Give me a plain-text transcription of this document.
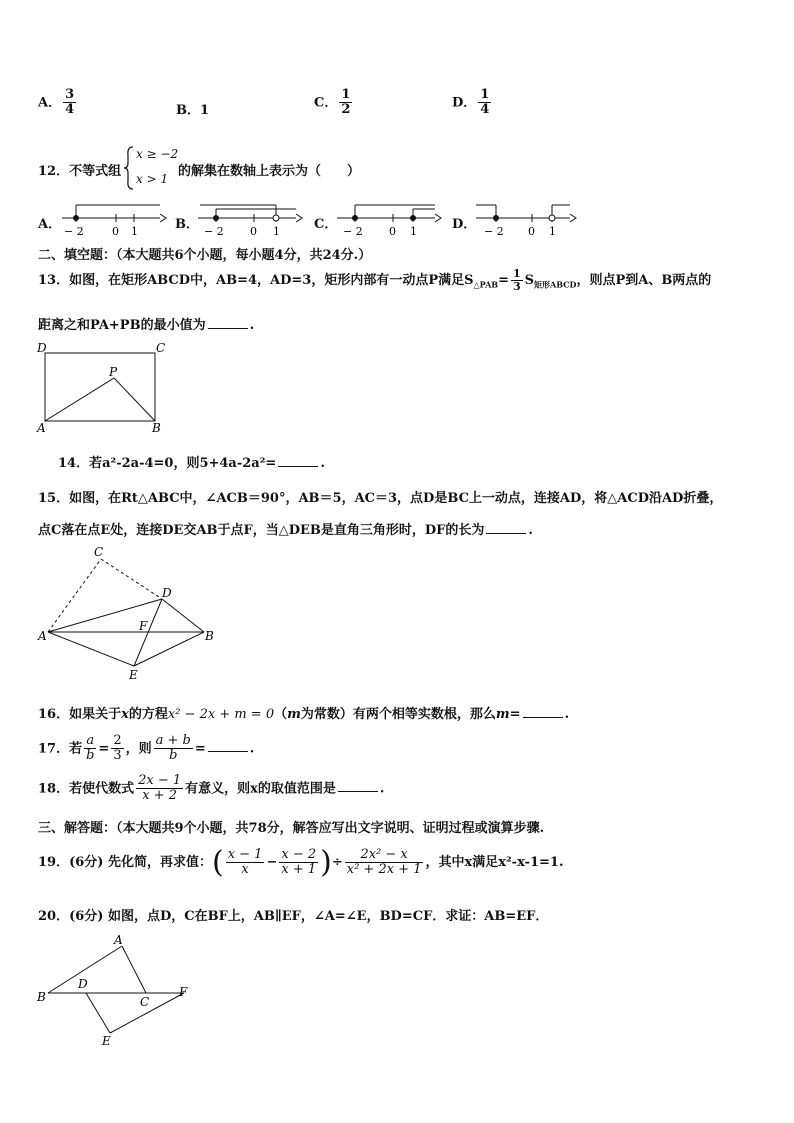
A． $\frac{3}{4}$	B．1
C． $\frac{1}{2}$	D． $\frac{1}{4}$
12．不等式组
x ≥ −2
x > 1 的解集在数轴上表示为（　　）
A．	B．	C．	D．
− 2	0 1	− 2 0 1	− 2 0 1	− 2 0 1
二、填空题：（本大题共6个小题，每小题4分，共24分.）
13．如图，在矩形ABCD中，AB=4，AD=3，矩形内部有一动点P满足$S_{\triangle PAB}= \frac{1}{3} S_{矩形ABCD}$，则点P到A、B两点的
距离之和PA+PB的最小值为	.
D	C
P
A	B
14．若a²-2a-4=0，则5+4a-2a²=	.
15．如图，在Rt△ABC中，∠ACB＝90°，AB＝5，AC＝3，点D是BC上一动点，连接AD，将△ACD沿AD折叠，
点C落在点E处，连接DE交AB于点F，当△DEB是直角三角形时，DF的长为	.
C
D
F
A	B
E
16．如果关于x的方程x² − 2x + m = 0（m为常数）有两个相等实数根，那么m=	.
17．若 $\frac{a}{b} = \frac{2}{3}$ ，则 $\frac{a + b}{b}$ =	.
18．若使代数式 $\frac{2x - 1}{x + 2}$ 有意义，则x的取值范围是	.
三、解答题：（本大题共9个小题，共78分，解答应写出文字说明、证明过程或演算步骤.
19．(6分) 先化简，再求值：( $\frac{x - 1}{x} - \frac{x - 2}{x + 1}$ )÷ $\frac{\text{2x² − x}}{\text{x² + 2x + 1}}$ ，其中x满足x²-x-1=1.
20．(6分) 如图，点D，C在BF上，AB∥EF，∠A=∠E，BD=CF．求证：AB=EF．
A
B
D
C
F
E
